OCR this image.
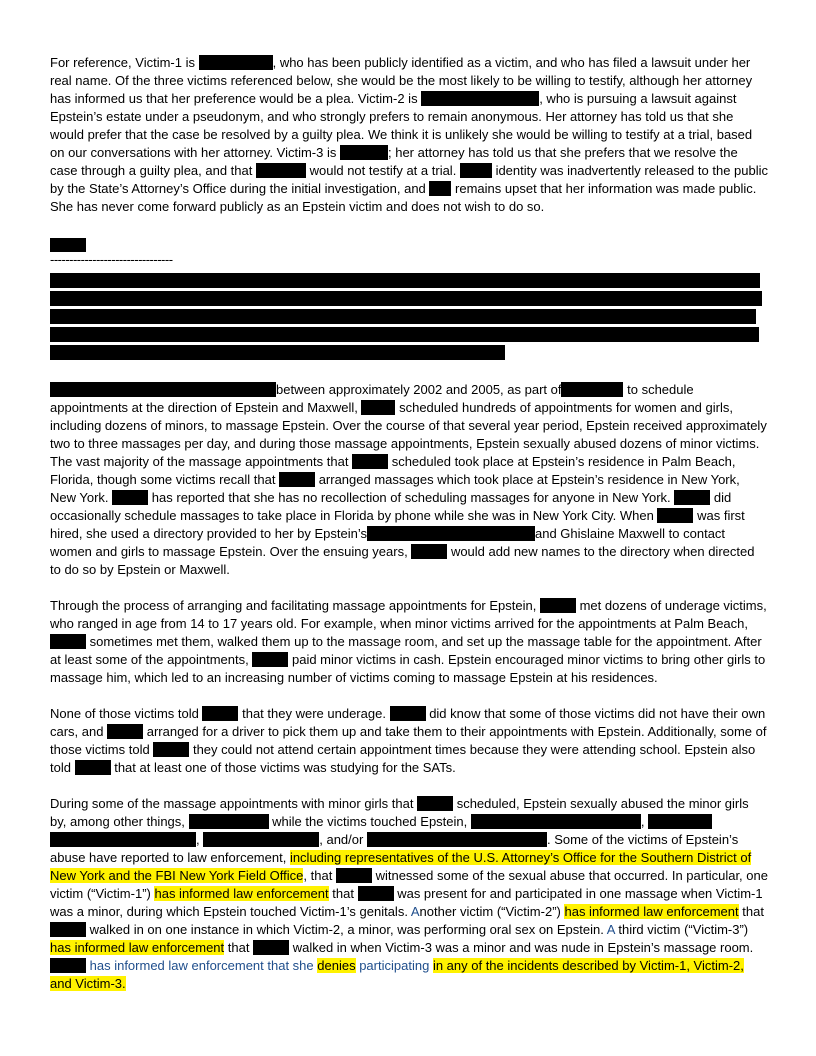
For reference, Victim-1 is	, who has been publicly identified as a victim, and who has filed a lawsuit under her real name. Of the three victims referenced below, she would be the most likely to be willing to testify, although her attorney has informed us that her preference would be a plea. Victim-2 is	, who is pursuing a lawsuit against Epstein’s estate under a pseudonym, and who strongly prefers to remain anonymous. Her attorney has told us that she would prefer that the case be resolved by a guilty plea. We think it is unlikely she would be willing to testify at a trial, based on our conversations with her attorney. Victim-3 is	; her attorney has told us that she prefers that we resolve the case through a guilty plea, and that	would not testify at a trial.	identity was inadvertently released to the public by the State’s Attorney’s Office during the initial investigation, and remains upset that her information was made public. She has never come forward publicly as an Epstein victim and does not wish to do so.

--------------------------------

between approximately 2002 and 2005, as part of	to schedule appointments at the direction of Epstein and Maxwell,	scheduled hundreds of appointments for women and girls, including dozens of minors, to massage Epstein. Over the course of that several year period, Epstein received approximately two to three massages per day, and during those massage appointments, Epstein sexually abused dozens of minor victims. The vast majority of the massage appointments that	scheduled took place at Epstein’s residence in Palm Beach, Florida, though some victims recall that	arranged massages which took place at Epstein’s residence in New York, New York.	has reported that she has no recollection of scheduling massages for anyone in New York.	did occasionally schedule massages to take place in Florida by phone while she was in New York City. When	was first hired, she used a directory provided to her by Epstein’s	and Ghislaine Maxwell to contact women and girls to massage Epstein. Over the ensuing years,	would add new names to the directory when directed to do so by Epstein or Maxwell.

Through the process of arranging and facilitating massage appointments for Epstein,	met dozens of underage victims, who ranged in age from 14 to 17 years old. For example, when minor victims arrived for the appointments at Palm Beach,  sometimes met them, walked them up to the massage room, and set up the massage table for the appointment. After at least some of the appointments,	paid minor victims in cash. Epstein encouraged minor victims to bring other girls to massage him, which led to an increasing number of victims coming to massage Epstein at his residences.

None of those victims told	that they were underage.	did know that some of those victims did not have their own cars, and	arranged for a driver to pick them up and take them to their appointments with Epstein. Additionally, some of those victims told	they could not attend certain appointment times because they were attending school. Epstein also told	that at least one of those victims was studying for the SATs.

During some of the massage appointments with minor girls that	scheduled, Epstein sexually abused the minor girls by, among other things,	while the victims touched Epstein,	,  ,	, and/or	. Some of the victims of Epstein’s abuse have reported to law enforcement, including representatives of the U.S. Attorney’s Office for the Southern District of New York and the FBI New York Field Office, that	witnessed some of the sexual abuse that occurred. In particular, one victim (“Victim-1”) has informed law enforcement that	was present for and participated in one massage when Victim-1 was a minor, during which Epstein touched Victim-1’s genitals. Another victim (“Victim-2”) has informed law enforcement that  walked in on one instance in which Victim-2, a minor, was performing oral sex on Epstein. A third victim (“Victim-3”) has informed law enforcement that	walked in when Victim-3 was a minor and was nude in Epstein’s massage room.  has informed law enforcement that she denies participating in any of the incidents described by Victim-1, Victim-2, and Victim-3.
